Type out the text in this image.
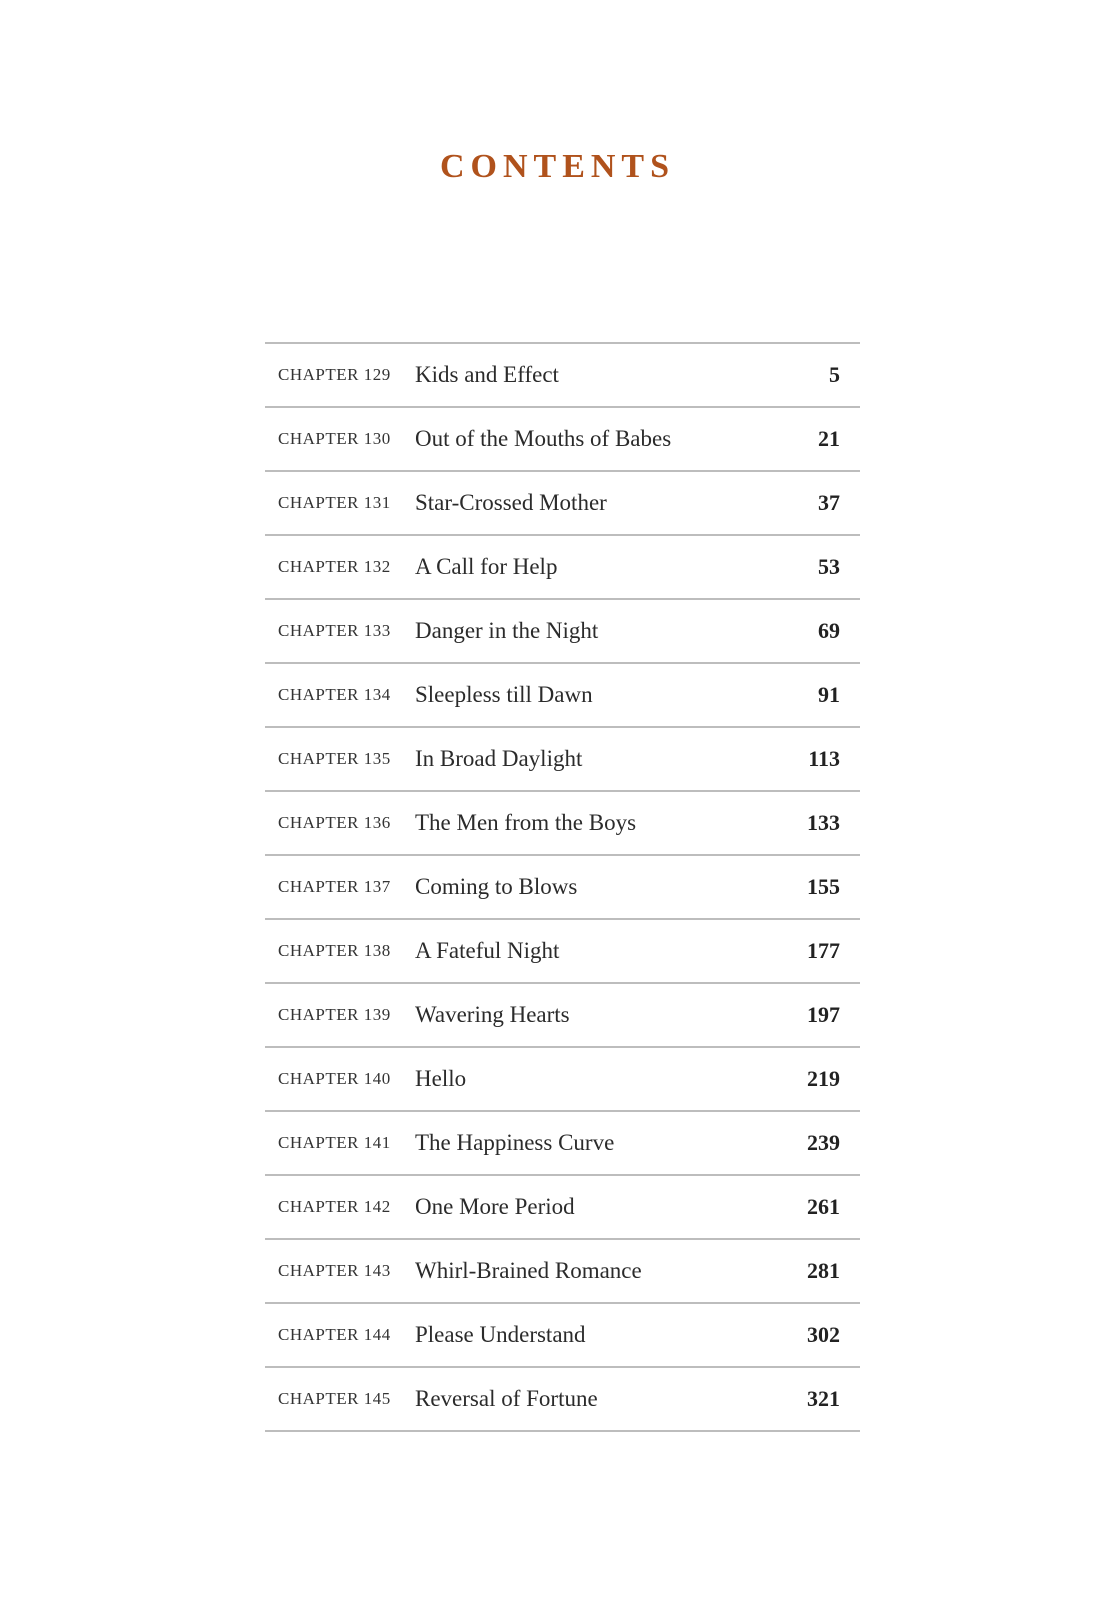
CONTENTS
CHAPTER 129	Kids and Effect	5
CHAPTER 130	Out of the Mouths of Babes	21
CHAPTER 131	Star-Crossed Mother	37
CHAPTER 132	A Call for Help	53
CHAPTER 133	Danger in the Night	69
CHAPTER 134	Sleepless till Dawn	91
CHAPTER 135	In Broad Daylight	113
CHAPTER 136	The Men from the Boys	133
CHAPTER 137	Coming to Blows	155
CHAPTER 138	A Fateful Night	177
CHAPTER 139	Wavering Hearts	197
CHAPTER 140	Hello	219
CHAPTER 141	The Happiness Curve	239
CHAPTER 142	One More Period	261
CHAPTER 143	Whirl-Brained Romance	281
CHAPTER 144	Please Understand	302
CHAPTER 145	Reversal of Fortune	321
